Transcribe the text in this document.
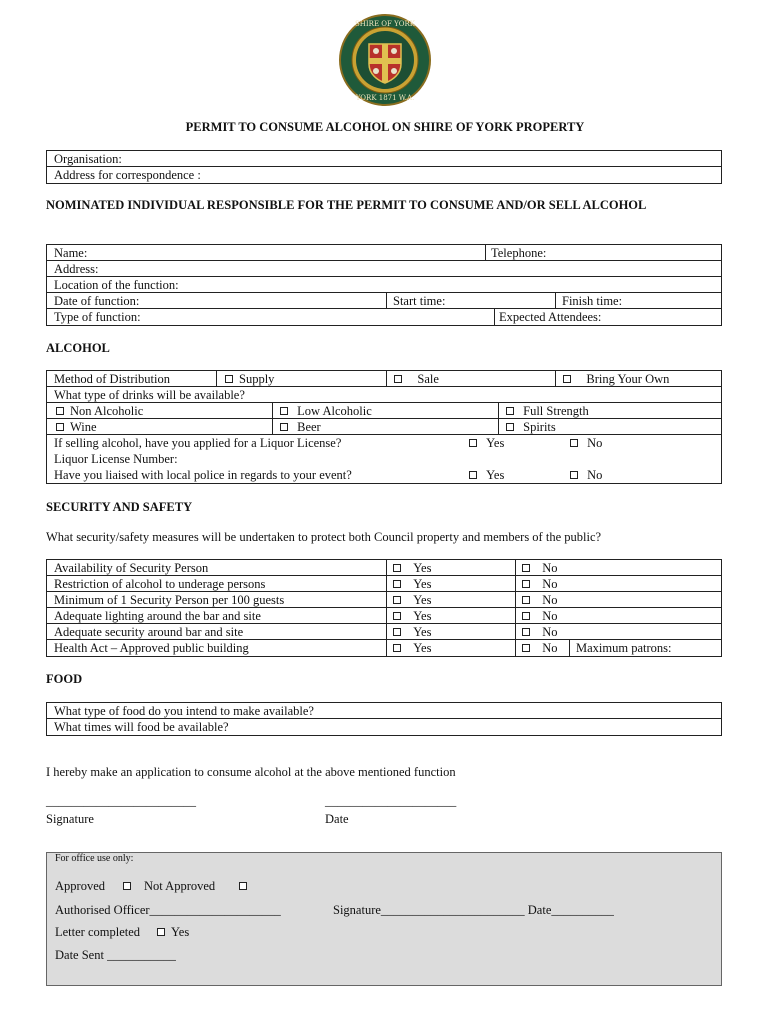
SHIRE OF YORK
YORK 1871 W.A.
PERMIT TO CONSUME ALCOHOL ON SHIRE OF YORK PROPERTY
Organisation:
Address for correspondence :
NOMINATED INDIVIDUAL RESPONSIBLE FOR THE PERMIT TO CONSUME AND/OR SELL ALCOHOL
Name:	Telephone:
Address:
Location of the function:
Date of function:	Start time:	Finish time:
Type of function:	Expected Attendees:
ALCOHOL
Method of Distribution	Supply	Sale	Bring Your Own
What type of drinks will be available?
Non Alcoholic	Low Alcoholic	Full Strength
Wine	Beer	Spirits
If selling alcohol, have you applied for a Liquor License?	Yes	No
Liquor License Number:
Have you liaised with local police in regards to your event?	Yes	No
SECURITY AND SAFETY
What security/safety measures will be undertaken to protect both Council property and members of the public?
Availability of Security Person	Yes	No
Restriction of alcohol to underage persons	Yes	No
Minimum of 1 Security Person per 100 guests	Yes	No
Adequate lighting around the bar and site	Yes	No
Adequate security around bar and site	Yes	No
Health Act – Approved public building	Yes	No Maximum patrons:
FOOD
What type of food do you intend to make available?
What times will food be available?
I hereby make an application to consume alcohol at the above mentioned function
________________________	_____________________
Signature	Date
For office use only:
Approved	Not Approved
Authorised Officer_____________________	Signature_______________________ Date__________
Letter completed	Yes
Date Sent ___________
